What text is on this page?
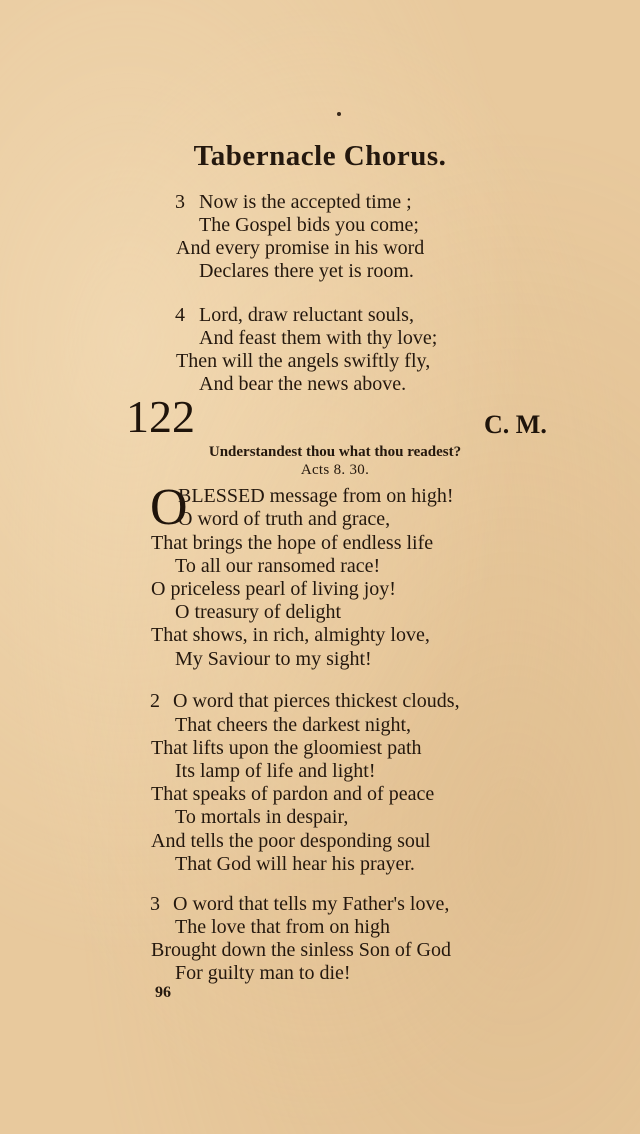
Tabernacle Chorus.
3 Now is the accepted time ;
The Gospel bids you come;
And every promise in his word
Declares there yet is room.
4 Lord, draw reluctant souls,
And feast them with thy love;
Then will the angels swiftly fly,
And bear the news above.
122	C. M.
Understandest thou what thou readest?
Acts 8. 30.
O
BLESSED message from on high!
O word of truth and grace,
That brings the hope of endless life
To all our ransomed race!
O priceless pearl of living joy!
O treasury of delight
That shows, in rich, almighty love,
My Saviour to my sight!
2 O word that pierces thickest clouds,
That cheers the darkest night,
That lifts upon the gloomiest path
Its lamp of life and light!
That speaks of pardon and of peace
To mortals in despair,
And tells the poor desponding soul
That God will hear his prayer.
3 O word that tells my Father's love,
The love that from on high
Brought down the sinless Son of God
For guilty man to die!
96
